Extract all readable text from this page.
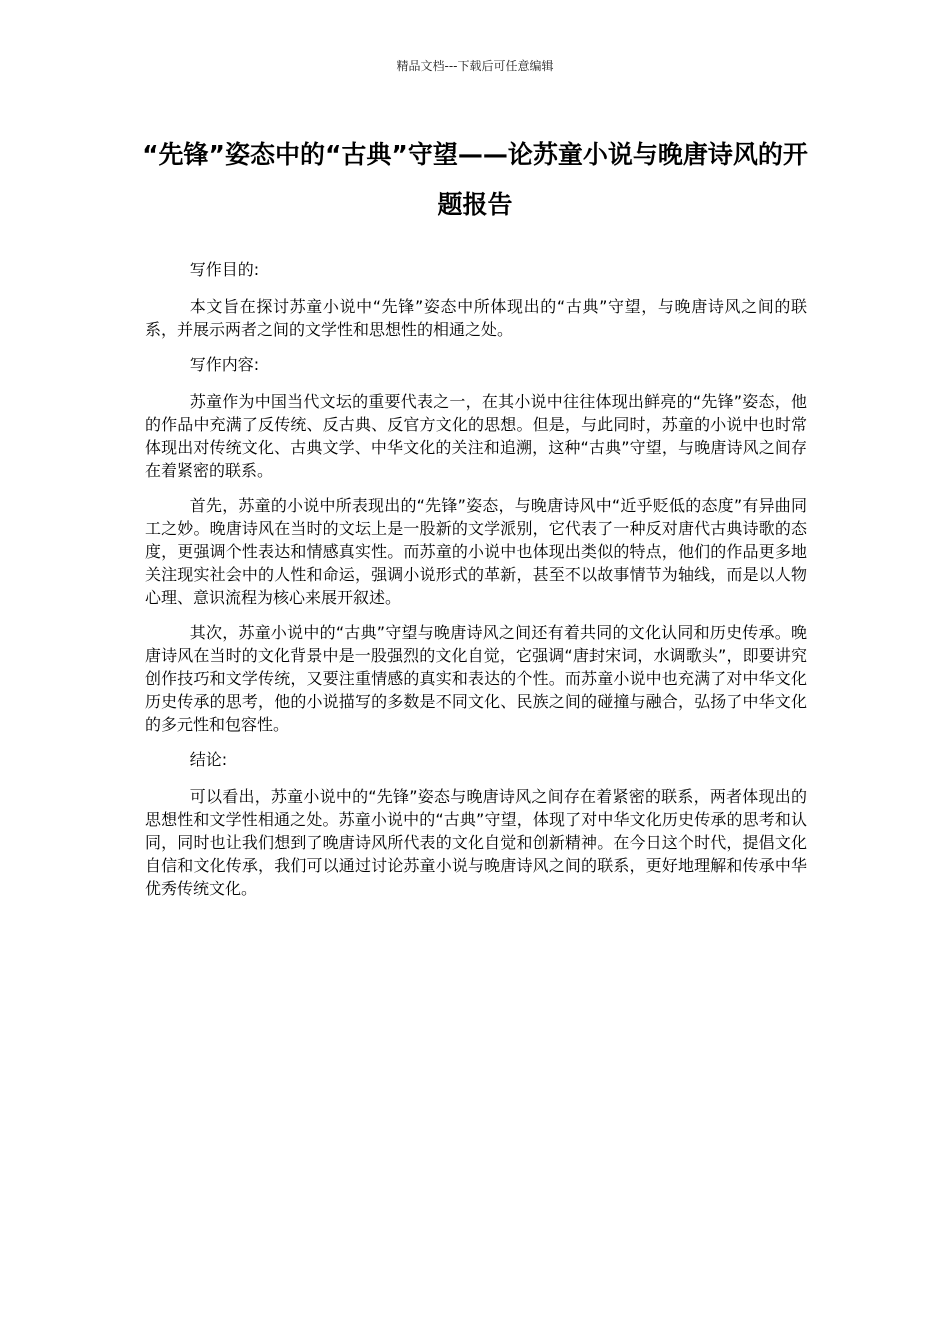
精品文档---下载后可任意编辑
“先锋”姿态中的“古典”守望——论苏童小说与晚唐诗风的开题报告

写作目的:

本文旨在探讨苏童小说中“先锋”姿态中所体现出的“古典”守望，与晚唐诗风之间的联系，并展示两者之间的文学性和思想性的相通之处。

写作内容:

苏童作为中国当代文坛的重要代表之一，在其小说中往往体现出鲜亮的“先锋”姿态，他的作品中充满了反传统、反古典、反官方文化的思想。但是，与此同时，苏童的小说中也时常体现出对传统文化、古典文学、中华文化的关注和追溯，这种“古典”守望，与晚唐诗风之间存在着紧密的联系。

首先，苏童的小说中所表现出的“先锋”姿态，与晚唐诗风中“近乎贬低的态度”有异曲同工之妙。晚唐诗风在当时的文坛上是一股新的文学派别，它代表了一种反对唐代古典诗歌的态度，更强调个性表达和情感真实性。而苏童的小说中也体现出类似的特点，他们的作品更多地关注现实社会中的人性和命运，强调小说形式的革新，甚至不以故事情节为轴线，而是以人物心理、意识流程为核心来展开叙述。

其次，苏童小说中的“古典”守望与晚唐诗风之间还有着共同的文化认同和历史传承。晚唐诗风在当时的文化背景中是一股强烈的文化自觉，它强调“唐封宋词，水调歌头”，即要讲究创作技巧和文学传统，又要注重情感的真实和表达的个性。而苏童小说中也充满了对中华文化历史传承的思考，他的小说描写的多数是不同文化、民族之间的碰撞与融合，弘扬了中华文化的多元性和包容性。

结论:

可以看出，苏童小说中的“先锋”姿态与晚唐诗风之间存在着紧密的联系，两者体现出的思想性和文学性相通之处。苏童小说中的“古典”守望，体现了对中华文化历史传承的思考和认同，同时也让我们想到了晚唐诗风所代表的文化自觉和创新精神。在今日这个时代，提倡文化自信和文化传承，我们可以通过讨论苏童小说与晚唐诗风之间的联系，更好地理解和传承中华优秀传统文化。
